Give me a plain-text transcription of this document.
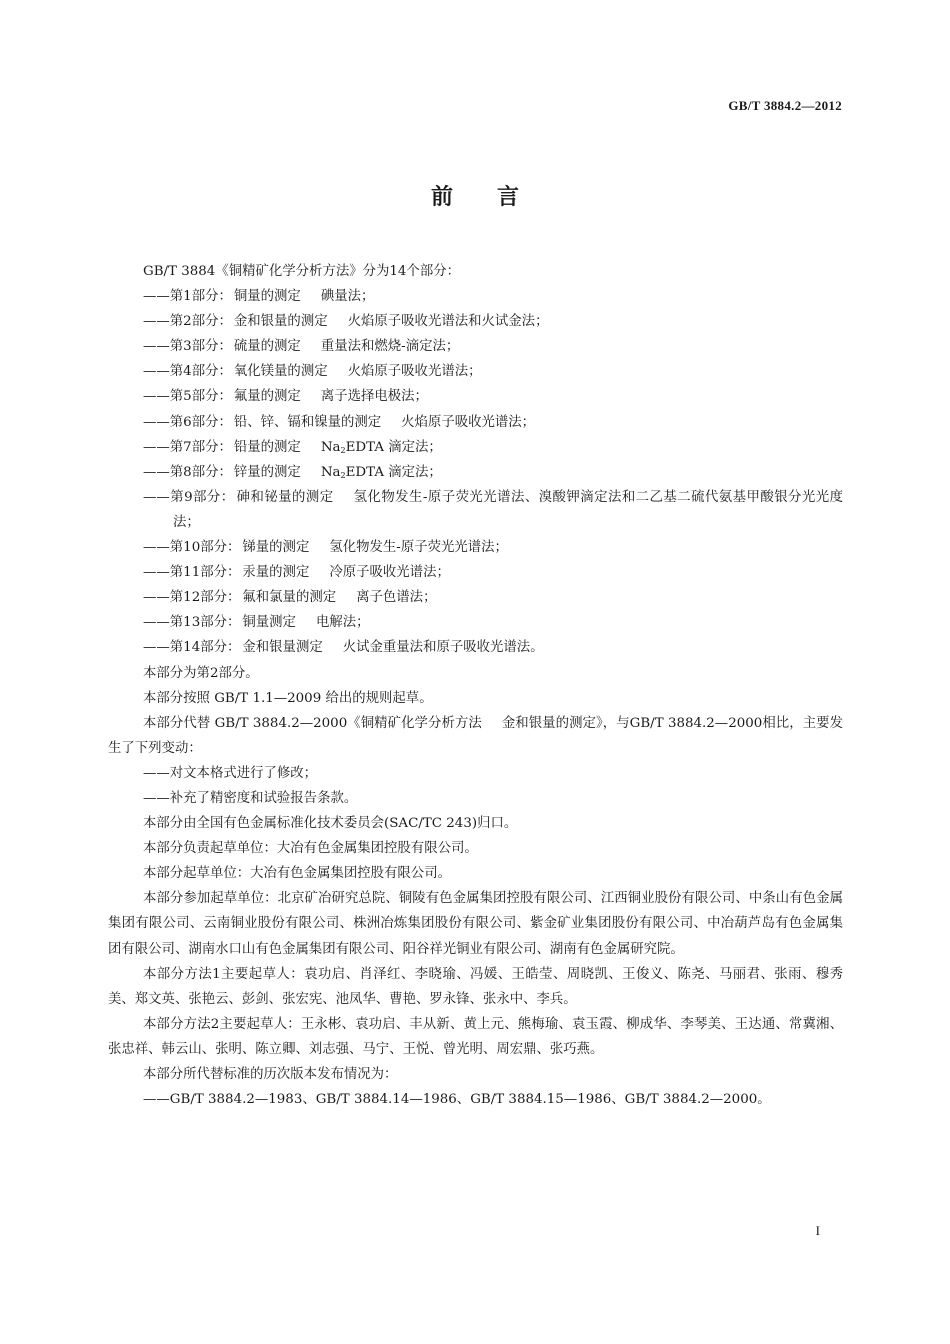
GB/T 3884.2—2012
前言

GB/T 3884《铜精矿化学分析方法》分为14个部分：

——第1部分： 铜量的测定 碘量法；

——第2部分： 金和银量的测定 火焰原子吸收光谱法和火试金法；

——第3部分： 硫量的测定 重量法和燃烧-滴定法；

——第4部分： 氧化镁量的测定 火焰原子吸收光谱法；

——第5部分： 氟量的测定 离子选择电极法；

——第6部分： 铅、锌、镉和镍量的测定 火焰原子吸收光谱法；

——第7部分： 铅量的测定 $Na_2EDTA$ 滴定法；

——第8部分： 锌量的测定 $Na_2EDTA$ 滴定法；

——第9部分： 砷和铋量的测定 氢化物发生-原子荧光光谱法、溴酸钾滴定法和二乙基二硫代氨基甲酸银分光光度法；

——第10部分： 锑量的测定 氢化物发生-原子荧光光谱法；

——第11部分： 汞量的测定 冷原子吸收光谱法；

——第12部分： 氟和氯量的测定 离子色谱法；

——第13部分： 铜量测定 电解法；

——第14部分： 金和银量测定 火试金重量法和原子吸收光谱法。

本部分为第2部分。

本部分按照 GB/T 1.1—2009 给出的规则起草。

本部分代替 GB/T 3884.2—2000《铜精矿化学分析方法 金和银量的测定》，与GB/T 3884.2—2000相比，主要发生了下列变动：

——对文本格式进行了修改；

——补充了精密度和试验报告条款。

本部分由全国有色金属标准化技术委员会(SAC/TC 243)归口。

本部分负责起草单位：大冶有色金属集团控股有限公司。

本部分起草单位：大冶有色金属集团控股有限公司。

本部分参加起草单位：北京矿冶研究总院、铜陵有色金属集团控股有限公司、江西铜业股份有限公司、中条山有色金属集团有限公司、云南铜业股份有限公司、株洲冶炼集团股份有限公司、紫金矿业集团股份有限公司、中冶葫芦岛有色金属集团有限公司、湖南水口山有色金属集团有限公司、阳谷祥光铜业有限公司、湖南有色金属研究院。

本部分方法1主要起草人：袁功启、肖泽红、李晓瑜、冯媛、王皓莹、周晓凯、王俊义、陈尧、马丽君、张雨、穆秀美、郑文英、张艳云、彭剑、张宏宪、池凤华、曹艳、罗永锋、张永中、李兵。

本部分方法2主要起草人：王永彬、袁功启、丰从新、黄上元、熊梅瑜、袁玉霞、柳成华、李琴美、王达通、常冀湘、张忠祥、韩云山、张明、陈立卿、刘志强、马宁、王悦、曾光明、周宏鼎、张巧燕。

本部分所代替标准的历次版本发布情况为：

——GB/T 3884.2—1983、GB/T 3884.14—1986、GB/T 3884.15—1986、GB/T 3884.2—2000。

I
